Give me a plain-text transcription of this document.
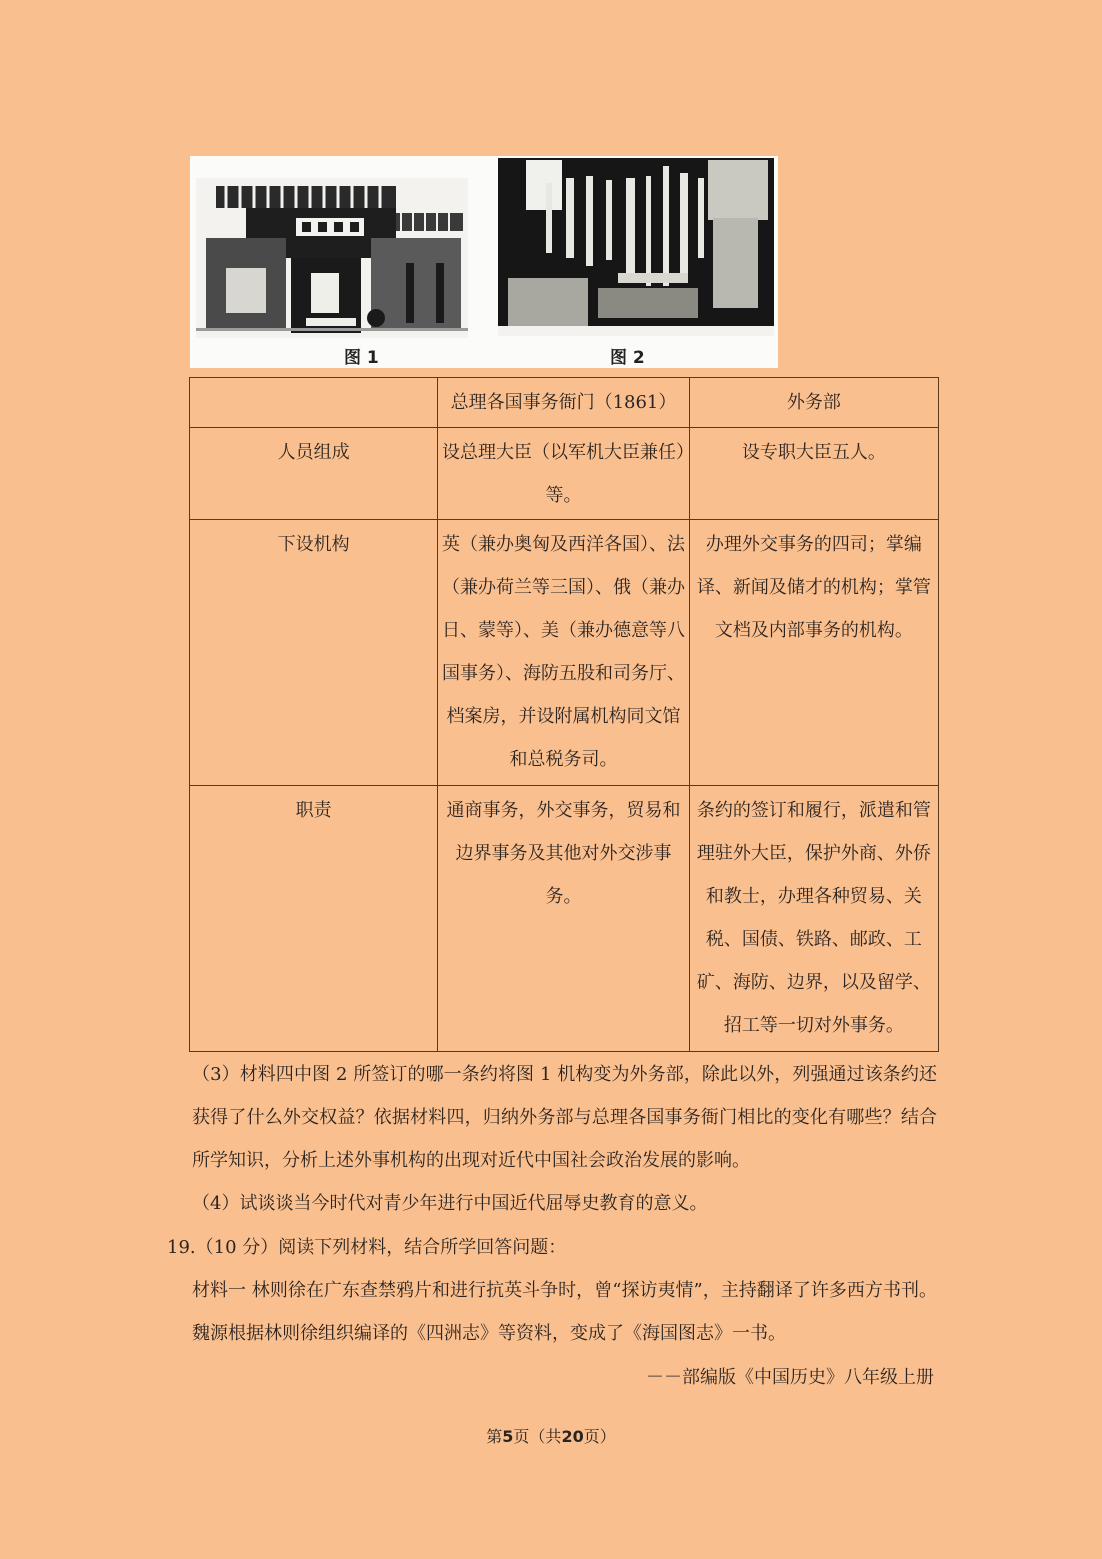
图 1	图 2
	总理各国事务衙门（1861）	外务部
人员组成	设总理大臣（以军机大臣兼任）等。	设专职大臣五人。
下设机构	英（兼办奥匈及西洋各国）、法（兼办荷兰等三国）、俄（兼办日、蒙等）、美（兼办德意等八国事务）、海防五股和司务厅、档案房，并设附属机构同文馆和总税务司。	办理外交事务的四司；掌编译、新闻及储才的机构；掌管文档及内部事务的机构。
职责	通商事务，外交事务，贸易和边界事务及其他对外交涉事务。	条约的签订和履行，派遣和管理驻外大臣，保护外商、外侨和教士，办理各种贸易、关税、国债、铁路、邮政、工矿、海防、边界，以及留学、招工等一切对外事务。
（3）材料四中图 2 所签订的哪一条约将图 1 机构变为外务部，除此以外，列强通过该条约还获得了什么外交权益？依据材料四，归纳外务部与总理各国事务衙门相比的变化有哪些？结合所学知识，分析上述外事机构的出现对近代中国社会政治发展的影响。
（4）试谈谈当今时代对青少年进行中国近代屈辱史教育的意义。
19.（10 分）阅读下列材料，结合所学回答问题：
材料一 林则徐在广东查禁鸦片和进行抗英斗争时，曾“探访夷情”，主持翻译了许多西方书刊。魏源根据林则徐组织编译的《四洲志》等资料，变成了《海国图志》一书。
－－部编版《中国历史》八年级上册
第5页（共20页）
